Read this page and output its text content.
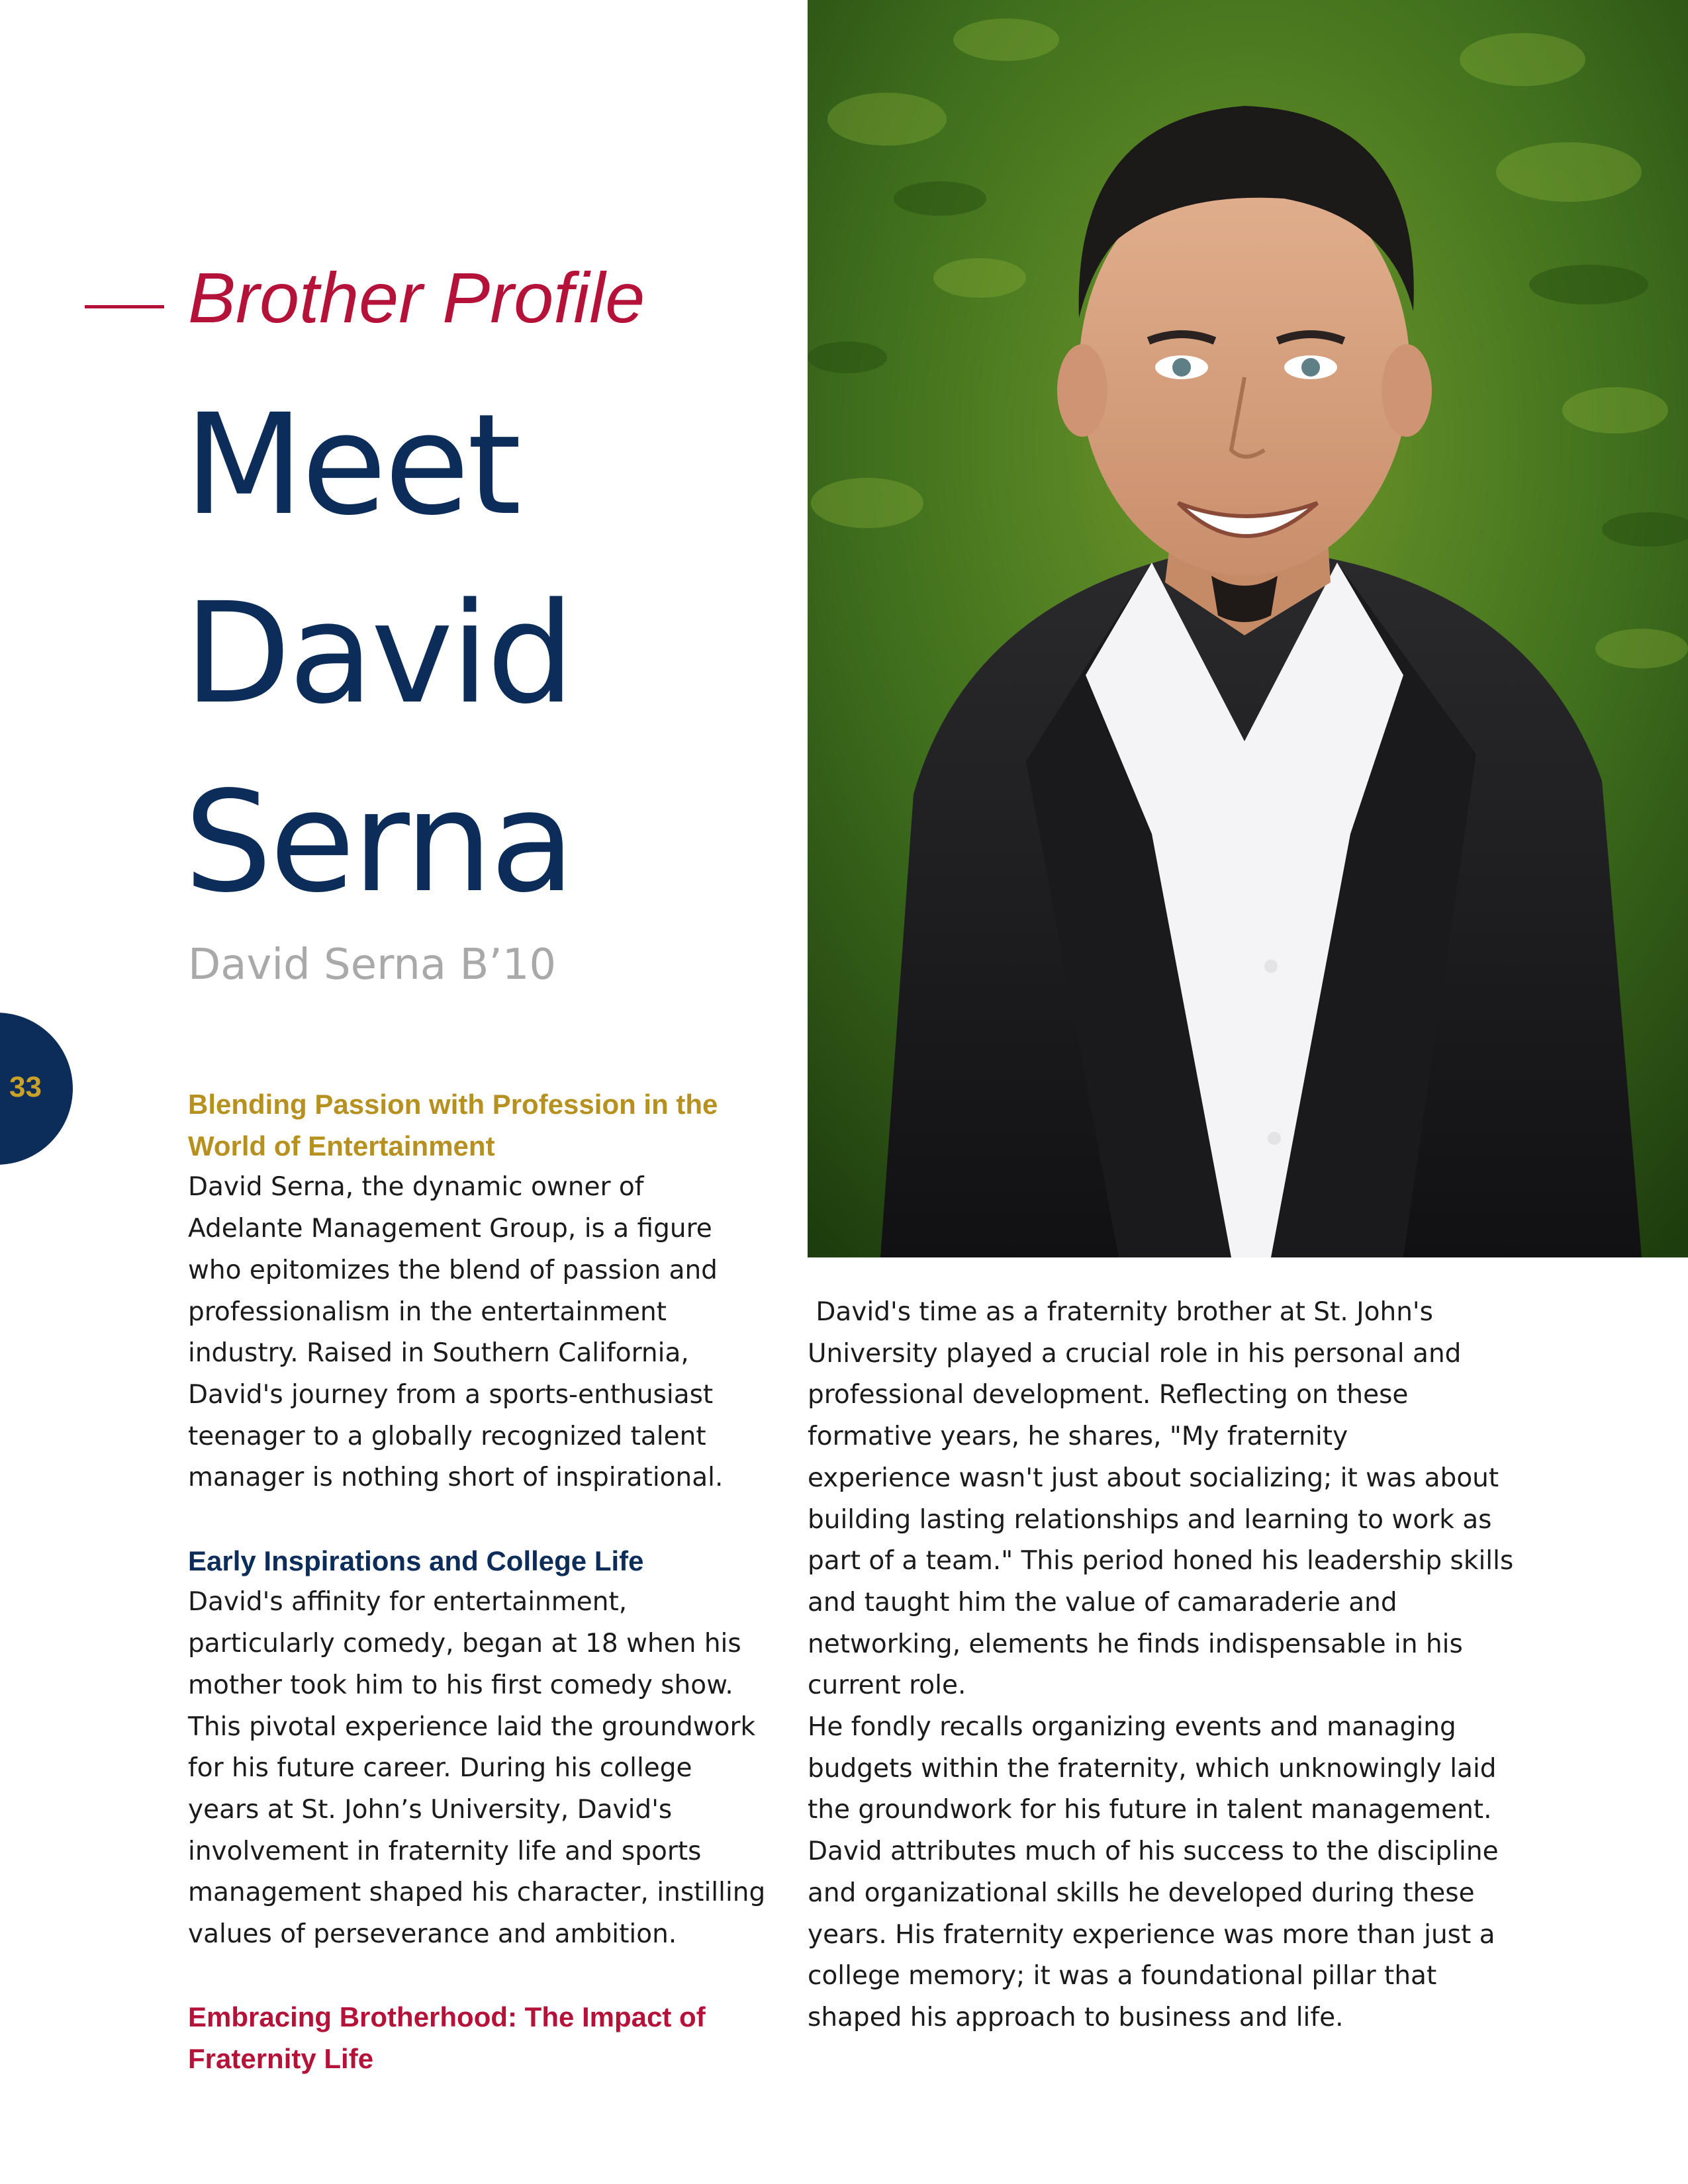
Brother Profile
Meet
David
Serna
David Serna B’10
33

Blending Passion with Profession in the
World of Entertainment

David Serna, the dynamic owner of
Adelante Management Group, is a figure
who epitomizes the blend of passion and
professionalism in the entertainment
industry. Raised in Southern California,
David's journey from a sports-enthusiast
teenager to a globally recognized talent
manager is nothing short of inspirational.

Early Inspirations and College Life

David's affinity for entertainment,
particularly comedy, began at 18 when his
mother took him to his first comedy show.
This pivotal experience laid the groundwork
for his future career. During his college
years at St. John’s University, David's
involvement in fraternity life and sports
management shaped his character, instilling
values of perseverance and ambition.

Embracing Brotherhood: The Impact of
Fraternity Life

David's time as a fraternity brother at St. John's
University played a crucial role in his personal and
professional development. Reflecting on these
formative years, he shares, "My fraternity
experience wasn't just about socializing; it was about
building lasting relationships and learning to work as
part of a team." This period honed his leadership skills
and taught him the value of camaraderie and
networking, elements he finds indispensable in his
current role.
He fondly recalls organizing events and managing
budgets within the fraternity, which unknowingly laid
the groundwork for his future in talent management.
David attributes much of his success to the discipline
and organizational skills he developed during these
years. His fraternity experience was more than just a
college memory; it was a foundational pillar that
shaped his approach to business and life.
